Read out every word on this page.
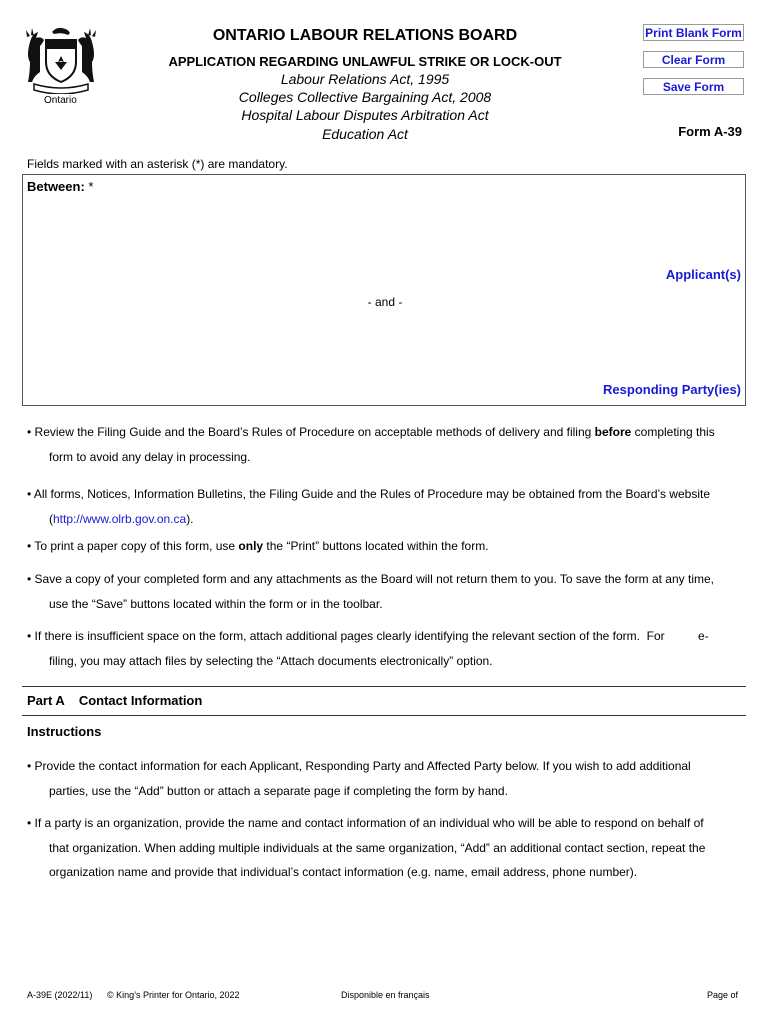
Ontario
ONTARIO LABOUR RELATIONS BOARD
APPLICATION REGARDING UNLAWFUL STRIKE OR LOCK-OUT
Labour Relations Act, 1995
Colleges Collective Bargaining Act, 2008
Hospital Labour Disputes Arbitration Act
Education Act
Print Blank Form
Clear Form
Save Form
Form A-39
Fields marked with an asterisk (*) are mandatory.
Between: *
Applicant(s)
- and -
Responding Party(ies)
• Review the Filing Guide and the Board’s Rules of Procedure on acceptable methods of delivery and filing before completing this
form to avoid any delay in processing.
• All forms, Notices, Information Bulletins, the Filing Guide and the Rules of Procedure may be obtained from the Board’s website
(http://www.olrb.gov.on.ca).
• To print a paper copy of this form, use only the “Print” buttons located within the form.
• Save a copy of your completed form and any attachments as the Board will not return them to you. To save the form at any time,
use the “Save” buttons located within the form or in the toolbar.
• If there is insufficient space on the form, attach additional pages clearly identifying the relevant section of the form.  For          e-
filing, you may attach files by selecting the “Attach documents electronically” option.
Part A Contact Information
Instructions
• Provide the contact information for each Applicant, Responding Party and Affected Party below. If you wish to add additional
parties, use the “Add” button or attach a separate page if completing the form by hand.
• If a party is an organization, provide the name and contact information of an individual who will be able to respond on behalf of
that organization. When adding multiple individuals at the same organization, “Add” an additional contact section, repeat the
organization name and provide that individual’s contact information (e.g. name, email address, phone number).
A-39E (2022/11) © King’s Printer for Ontario, 2022	Disponible en français	Page of
